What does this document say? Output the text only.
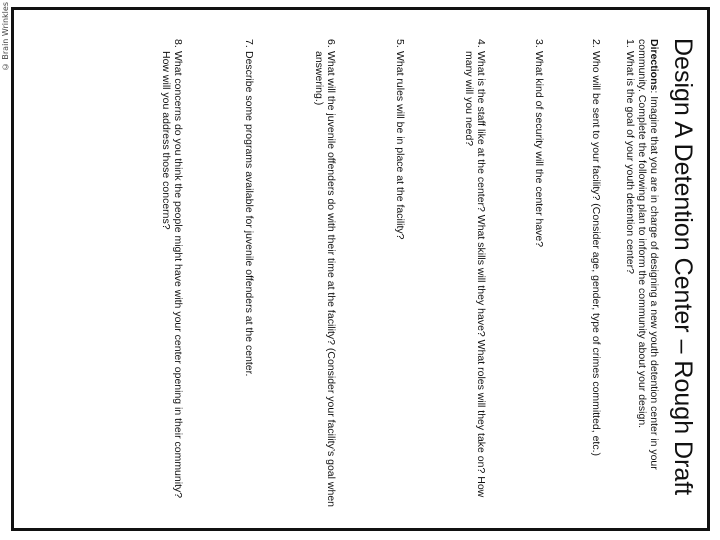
© Brain Wrinkles
Design A Detention Center – Rough Draft

Directions: Imagine that you are in charge of designing a new youth detention center in your community. Complete the following plan to inform the community about your design.

1.
What is the goal of your youth detention center?
2.
Who will be sent to your facility? (Consider age, gender, type of crimes committed, etc.)
3.
What kind of security will the center have?
4.
What is the staff like at the center? What skills will they have? What roles will they take on? How many will you need?
5.
What rules will be in place at the facility?
6.
What will the juvenile offenders do with their time at the facility? (Consider your facility’s goal when answering.)
7.
Describe some programs available for juvenile offenders at the center.
8.
What concerns do you think the people might have with your center opening in their community? How will you address those concerns?
